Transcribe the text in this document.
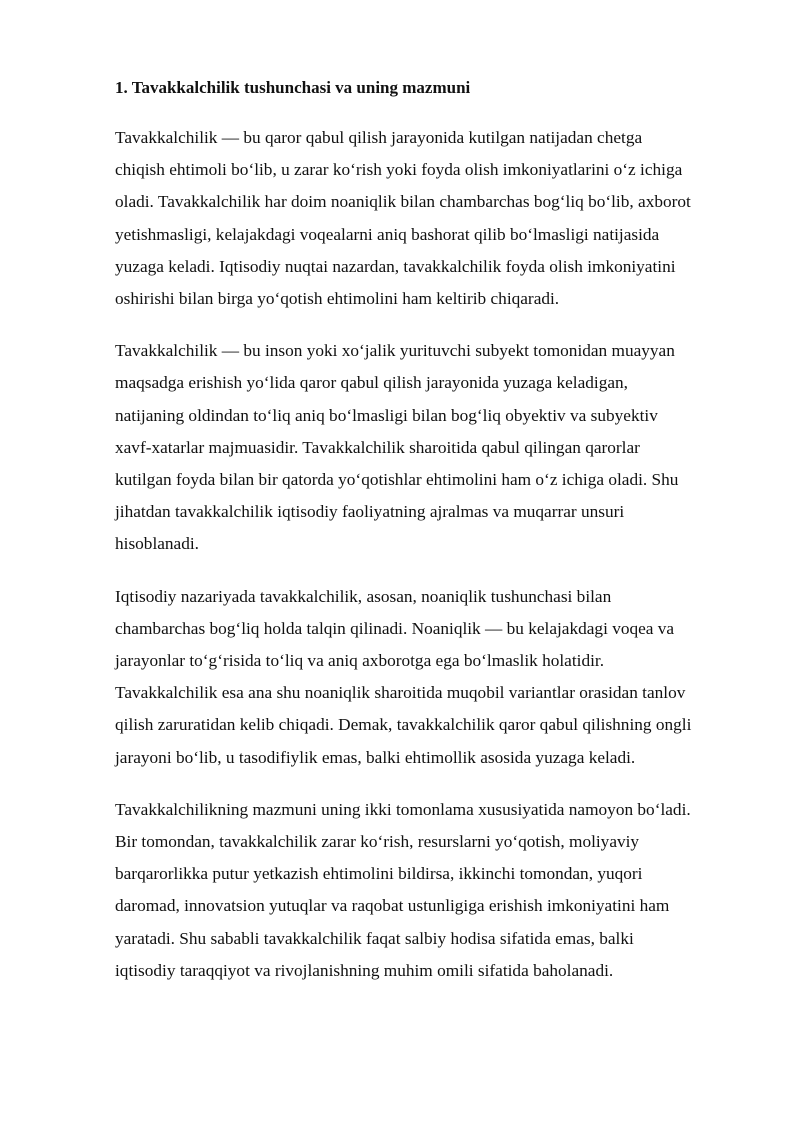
1. Tavakkalchilik tushunchasi va uning mazmuni
Tavakkalchilik — bu qaror qabul qilish jarayonida kutilgan natijadan chetga
chiqish ehtimoli bo‘lib, u zarar ko‘rish yoki foyda olish imkoniyatlarini o‘z ichiga
oladi. Tavakkalchilik har doim noaniqlik bilan chambarchas bog‘liq bo‘lib, axborot
yetishmasligi, kelajakdagi voqealarni aniq bashorat qilib bo‘lmasligi natijasida
yuzaga keladi. Iqtisodiy nuqtai nazardan, tavakkalchilik foyda olish imkoniyatini
oshirishi bilan birga yo‘qotish ehtimolini ham keltirib chiqaradi.
Tavakkalchilik — bu inson yoki xo‘jalik yurituvchi subyekt tomonidan muayyan
maqsadga erishish yo‘lida qaror qabul qilish jarayonida yuzaga keladigan,
natijaning oldindan to‘liq aniq bo‘lmasligi bilan bog‘liq obyektiv va subyektiv
xavf-xatarlar majmuasidir. Tavakkalchilik sharoitida qabul qilingan qarorlar
kutilgan foyda bilan bir qatorda yo‘qotishlar ehtimolini ham o‘z ichiga oladi. Shu
jihatdan tavakkalchilik iqtisodiy faoliyatning ajralmas va muqarrar unsuri
hisoblanadi.
Iqtisodiy nazariyada tavakkalchilik, asosan, noaniqlik tushunchasi bilan
chambarchas bog‘liq holda talqin qilinadi. Noaniqlik — bu kelajakdagi voqea va
jarayonlar to‘g‘risida to‘liq va aniq axborotga ega bo‘lmaslik holatidir.
Tavakkalchilik esa ana shu noaniqlik sharoitida muqobil variantlar orasidan tanlov
qilish zaruratidan kelib chiqadi. Demak, tavakkalchilik qaror qabul qilishning ongli
jarayoni bo‘lib, u tasodifiylik emas, balki ehtimollik asosida yuzaga keladi.
Tavakkalchilikning mazmuni uning ikki tomonlama xususiyatida namoyon bo‘ladi.
Bir tomondan, tavakkalchilik zarar ko‘rish, resurslarni yo‘qotish, moliyaviy
barqarorlikka putur yetkazish ehtimolini bildirsa, ikkinchi tomondan, yuqori
daromad, innovatsion yutuqlar va raqobat ustunligiga erishish imkoniyatini ham
yaratadi. Shu sababli tavakkalchilik faqat salbiy hodisa sifatida emas, balki
iqtisodiy taraqqiyot va rivojlanishning muhim omili sifatida baholanadi.
